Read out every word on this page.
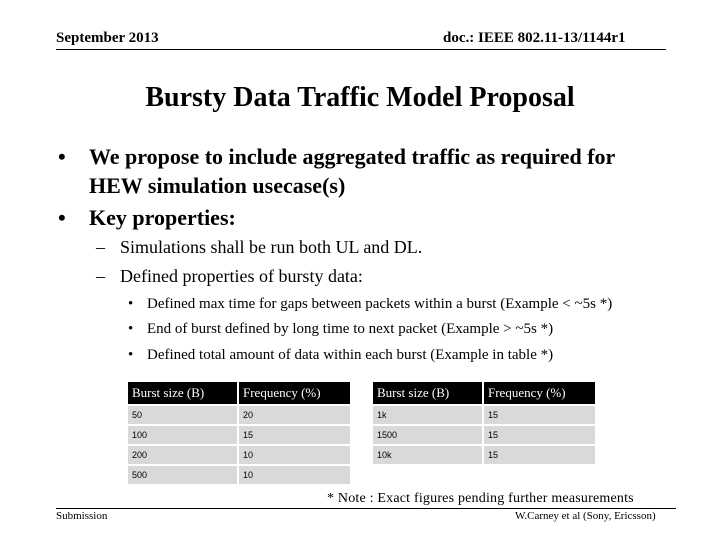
September 2013	doc.: IEEE 802.11-13/1144r1
Bursty Data Traffic Model Proposal
• We propose to include aggregated traffic as required for
HEW simulation usecase(s)
• Key properties:
– Simulations shall be run both UL and DL.
– Defined properties of bursty data:
• Defined max time for gaps between packets within a burst (Example < ~5s *)
• End of burst defined by long time to next packet (Example > ~5s *)
• Defined total amount of data within each burst (Example in table *)
Burst size (B)	Frequency (%)
50	20
100	15
200	10
500	10
Burst size (B)	Frequency (%)
1k	15
1500	15
10k	15

* Note : Exact figures pending further measurements
Submission	W.Carney et al (Sony, Ericsson)
